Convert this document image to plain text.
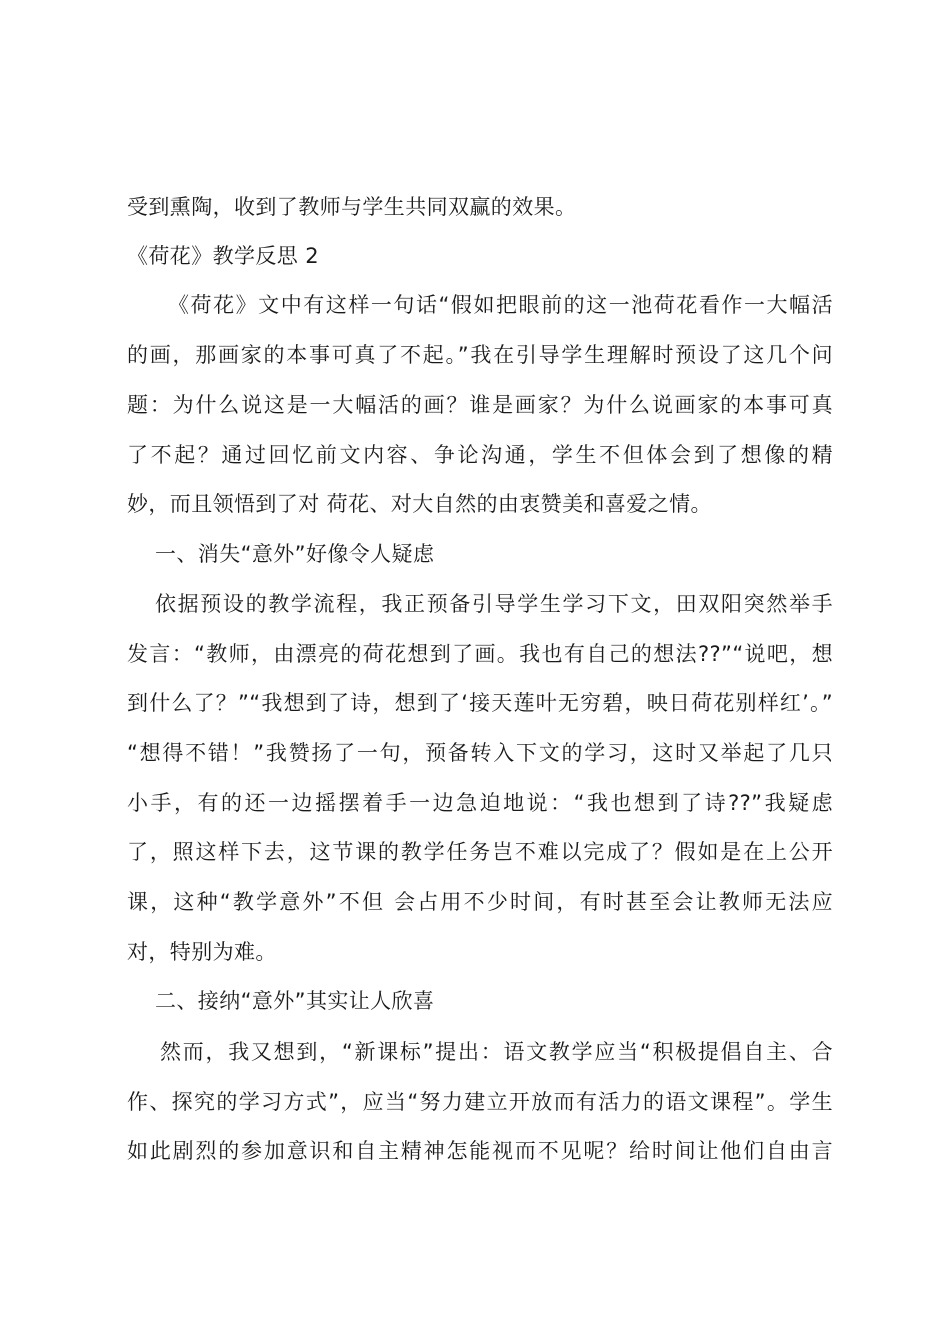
受到熏陶，收到了教师与学生共同双赢的效果。
《荷花》教学反思 2
《荷花》文中有这样一句话“假如把眼前的这一池荷花看作一大幅活
的画，那画家的本事可真了不起。”我在引导学生理解时预设了这几个问
题：为什么说这是一大幅活的画？谁是画家？为什么说画家的本事可真
了不起？通过回忆前文内容、争论沟通，学生不但体会到了想像的精
妙，而且领悟到了对 荷花、对大自然的由衷赞美和喜爱之情。
一、消失“意外”好像令人疑虑
依据预设的教学流程，我正预备引导学生学习下文，田双阳突然举手
发言：“教师，由漂亮的荷花想到了画。我也有自己的想法??”“说吧，想
到什么了？”“我想到了诗，想到了‘接天莲叶无穷碧，映日荷花别样红’。”
“想得不错！”我赞扬了一句，预备转入下文的学习，这时又举起了几只
小手，有的还一边摇摆着手一边急迫地说：“我也想到了诗??”我疑虑
了，照这样下去，这节课的教学任务岂不难以完成了？假如是在上公开
课，这种“教学意外”不但 会占用不少时间，有时甚至会让教师无法应
对，特别为难。
二、接纳“意外”其实让人欣喜
然而，我又想到，“新课标”提出：语文教学应当“积极提倡自主、合
作、探究的学习方式”，应当“努力建立开放而有活力的语文课程”。学生
如此剧烈的参加意识和自主精神怎能视而不见呢？给时间让他们自由言
